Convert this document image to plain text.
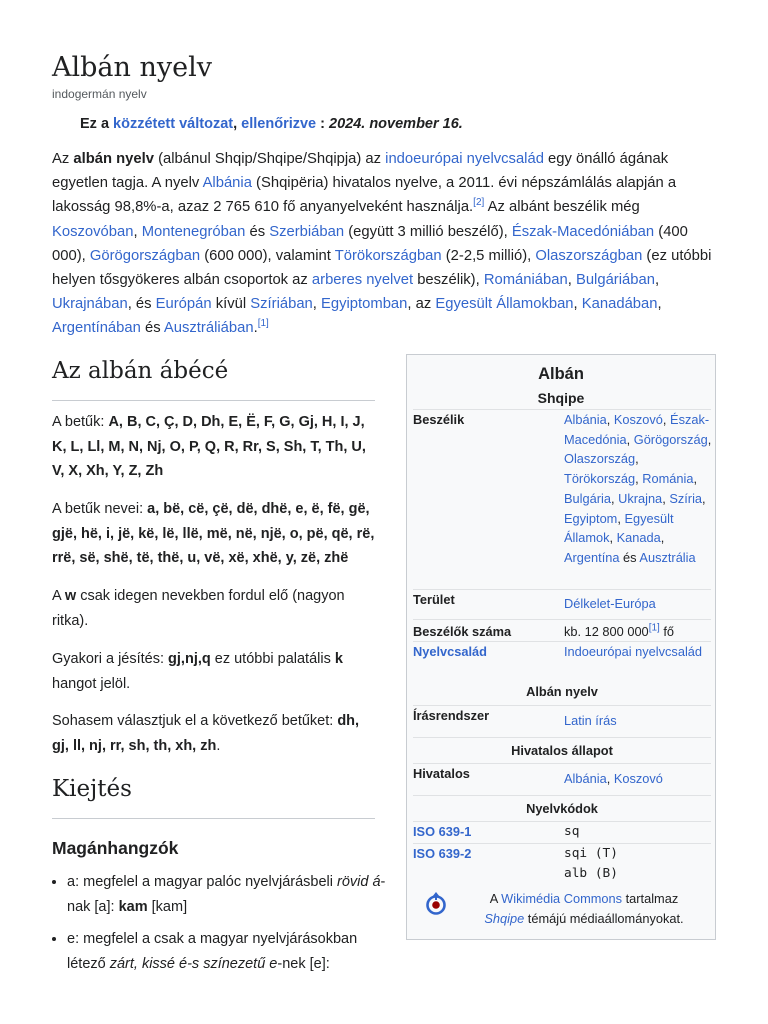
Albán nyelv
indogermán nyelv
Ez a közzétett változat, ellenőrizve : 2024. november 16.
Az albán nyelv (albánul Shqip/Shqipe/Shqipja) az indoeurópai nyelvcsalád egy önálló ágának egyetlen tagja. A nyelv Albánia (Shqipëria) hivatalos nyelve, a 2011. évi népszámlálás alapján a lakosság 98,8%-a, azaz 2 765 610 fő anyanyelveként használja.[2] Az albánt beszélik még Koszovóban, Montenegróban és Szerbiában (együtt 3 millió beszélő), Észak-Macedóniában (400 000), Görögországban (600 000), valamint Törökországban (2-2,5 millió), Olaszországban (ez utóbbi helyen tősgyökeres albán csoportok az arberes nyelvet beszélik), Romániában, Bulgáriában, Ukrajnában, és Európán kívül Szíriában, Egyiptomban, az Egyesült Államokban, Kanadában, Argentínában és Ausztráliában.[1]
Az albán ábécé

A betűk: A, B, C, Ç, D, Dh, E, Ë, F, G, Gj, H, I, J, K, L, Ll, M, N, Nj, O, P, Q, R, Rr, S, Sh, T, Th, U, V, X, Xh, Y, Z, Zh

A betűk nevei: a, bë, cë, çë, dë, dhë, e, ë, fë, gë, gjë, hë, i, jë, kë, lë, llë, më, në, një, o, pë, që, rë, rrë, së, shë, të, thë, u, vë, xë, xhë, y, zë, zhë

A w csak idegen nevekben fordul elő (nagyon ritka).

Gyakori a jésítés: gj,nj,q ez utóbbi palatális k hangot jelöl.

Sohasem választjuk el a következő betűket: dh, gj, ll, nj, rr, sh, th, xh, zh.

Kiejtés
Magánhangzók
• a: megfelel a magyar palóc nyelvjárásbeli rövid á-nak [a]: kam [kam]
• e: megfelel a csak a magyar nyelvjárásokban létező zárt, kissé é-s színezetű e-nek [e]:
Albán
Shqipe
Beszélik	Albánia, Koszovó, Észak-Macedónia, Görögország, Olaszország, Törökország, Románia, Bulgária, Ukrajna, Szíria, Egyiptom, Egyesült Államok, Kanada, Argentína és Ausztrália
Terület	Délkelet-Európa
Beszélők száma	kb. 12 800 000[1] fő
Nyelvcsalád	Indoeurópai nyelvcsalád
Albán nyelv
Írásrendszer	Latin írás
Hivatalos állapot
Hivatalos	Albánia, Koszovó
Nyelvkódok
ISO 639-1	sq
ISO 639-2	sqi (T)
alb (B)
A Wikimédia Commons tartalmaz
Shqipe témájú médiaállományokat.
